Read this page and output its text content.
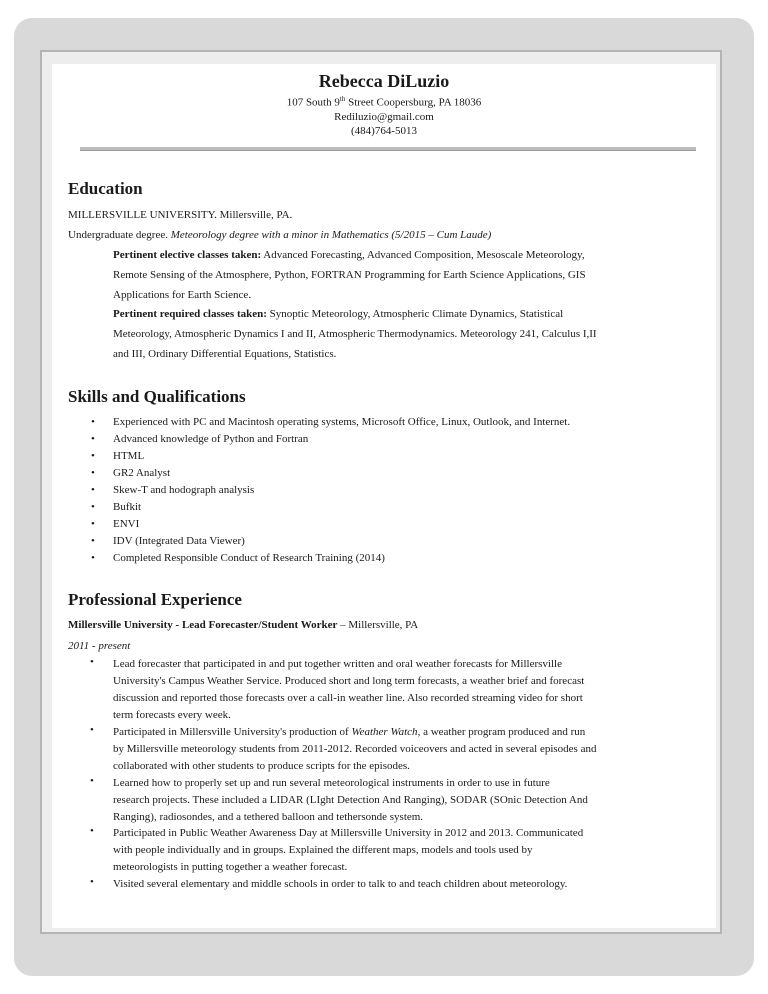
Rebecca DiLuzio
107 South 9th Street Coopersburg, PA 18036
Rediluzio@gmail.com
(484)764-5013
Education
MILLERSVILLE UNIVERSITY. Millersville, PA.
Undergraduate degree. Meteorology degree with a minor in Mathematics (5/2015 – Cum Laude)
Pertinent elective classes taken: Advanced Forecasting, Advanced Composition, Mesoscale Meteorology,
Remote Sensing of the Atmosphere, Python, FORTRAN Programming for Earth Science Applications, GIS
Applications for Earth Science.
Pertinent required classes taken: Synoptic Meteorology, Atmospheric Climate Dynamics, Statistical
Meteorology, Atmospheric Dynamics I and II, Atmospheric Thermodynamics. Meteorology 241, Calculus I,II
and III, Ordinary Differential Equations, Statistics.
Skills and Qualifications
• Experienced with PC and Macintosh operating systems, Microsoft Office, Linux, Outlook, and Internet.
• Advanced knowledge of Python and Fortran
• HTML
• GR2 Analyst
• Skew-T and hodograph analysis
• Bufkit
• ENVI
• IDV (Integrated Data Viewer)
• Completed Responsible Conduct of Research Training (2014)
Professional Experience
Millersville University - Lead Forecaster/Student Worker – Millersville, PA
2011 - present
• Lead forecaster that participated in and put together written and oral weather forecasts for Millersville
University's Campus Weather Service. Produced short and long term forecasts, a weather brief and forecast
discussion and reported those forecasts over a call-in weather line. Also recorded streaming video for short
term forecasts every week.
• Participated in Millersville University's production of Weather Watch, a weather program produced and run
by Millersville meteorology students from 2011-2012. Recorded voiceovers and acted in several episodes and
collaborated with other students to produce scripts for the episodes.
• Learned how to properly set up and run several meteorological instruments in order to use in future
research projects. These included a LIDAR (LIght Detection And Ranging), SODAR (SOnic Detection And
Ranging), radiosondes, and a tethered balloon and tethersonde system.
• Participated in Public Weather Awareness Day at Millersville University in 2012 and 2013. Communicated
with people individually and in groups. Explained the different maps, models and tools used by
meteorologists in putting together a weather forecast.
• Visited several elementary and middle schools in order to talk to and teach children about meteorology.
